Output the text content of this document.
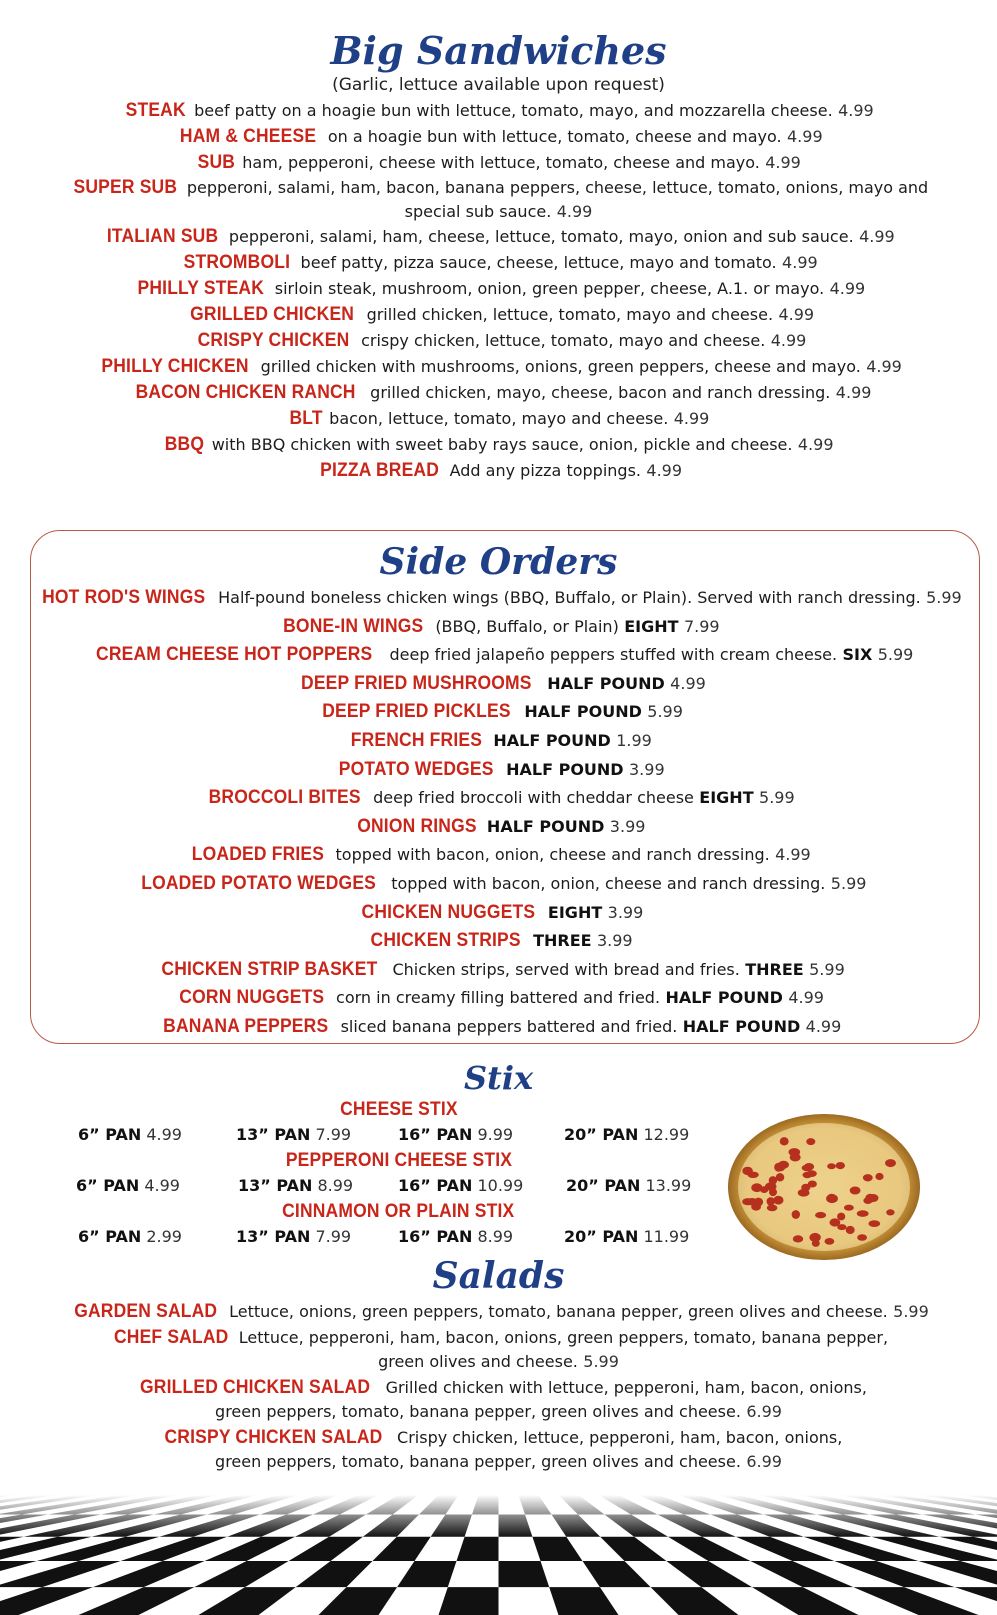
Big Sandwiches

(Garlic, lettuce available upon request)

STEAK beef patty on a hoagie bun with lettuce, tomato, mayo, and mozzarella cheese. 4.99

HAM & CHEESE on a hoagie bun with lettuce, tomato, cheese and mayo. 4.99

SUB ham, pepperoni, cheese with lettuce, tomato, cheese and mayo. 4.99

SUPER SUB pepperoni, salami, ham, bacon, banana peppers, cheese, lettuce, tomato, onions, mayo and special sub sauce. 4.99

ITALIAN SUB pepperoni, salami, ham, cheese, lettuce, tomato, mayo, onion and sub sauce. 4.99

STROMBOLI beef patty, pizza sauce, cheese, lettuce, mayo and tomato. 4.99

PHILLY STEAK sirloin steak, mushroom, onion, green pepper, cheese, A.1. or mayo. 4.99

GRILLED CHICKEN grilled chicken, lettuce, tomato, mayo and cheese. 4.99

CRISPY CHICKEN crispy chicken, lettuce, tomato, mayo and cheese. 4.99

PHILLY CHICKEN grilled chicken with mushrooms, onions, green peppers, cheese and mayo. 4.99

BACON CHICKEN RANCH grilled chicken, mayo, cheese, bacon and ranch dressing. 4.99

BLT bacon, lettuce, tomato, mayo and cheese. 4.99

BBQ with BBQ chicken with sweet baby rays sauce, onion, pickle and cheese. 4.99

PIZZA BREAD Add any pizza toppings. 4.99

Side Orders

HOT ROD'S WINGS Half-pound boneless chicken wings (BBQ, Buffalo, or Plain). Served with ranch dressing. 5.99

BONE-IN WINGS (BBQ, Buffalo, or Plain) EIGHT 7.99

CREAM CHEESE HOT POPPERS deep fried jalapeño peppers stuffed with cream cheese. SIX 5.99

DEEP FRIED MUSHROOMS HALF POUND 4.99

DEEP FRIED PICKLES HALF POUND 5.99

FRENCH FRIES HALF POUND 1.99

POTATO WEDGES HALF POUND 3.99

BROCCOLI BITES deep fried broccoli with cheddar cheese EIGHT 5.99

ONION RINGS HALF POUND 3.99

LOADED FRIES topped with bacon, onion, cheese and ranch dressing. 4.99

LOADED POTATO WEDGES topped with bacon, onion, cheese and ranch dressing. 5.99

CHICKEN NUGGETS EIGHT 3.99

CHICKEN STRIPS THREE 3.99

CHICKEN STRIP BASKET Chicken strips, served with bread and fries. THREE 5.99

CORN NUGGETS corn in creamy filling battered and fried. HALF POUND 4.99

BANANA PEPPERS sliced banana peppers battered and fried. HALF POUND 4.99

Stix

CHEESE STIX

6” PAN 4.99	13” PAN 7.99	16” PAN 9.99	20” PAN 12.99

PEPPERONI CHEESE STIX

6” PAN 4.99	13” PAN 8.99	16” PAN 10.99	20” PAN 13.99

CINNAMON OR PLAIN STIX

6” PAN 2.99	13” PAN 7.99	16” PAN 8.99	20” PAN 11.99
Salads

GARDEN SALAD Lettuce, onions, green peppers, tomato, banana pepper, green olives and cheese. 5.99

CHEF SALAD Lettuce, pepperoni, ham, bacon, onions, green peppers, tomato, banana pepper, green olives and cheese. 5.99

GRILLED CHICKEN SALAD Grilled chicken with lettuce, pepperoni, ham, bacon, onions, green peppers, tomato, banana pepper, green olives and cheese. 6.99

CRISPY CHICKEN SALAD Crispy chicken, lettuce, pepperoni, ham, bacon, onions, green peppers, tomato, banana pepper, green olives and cheese. 6.99
